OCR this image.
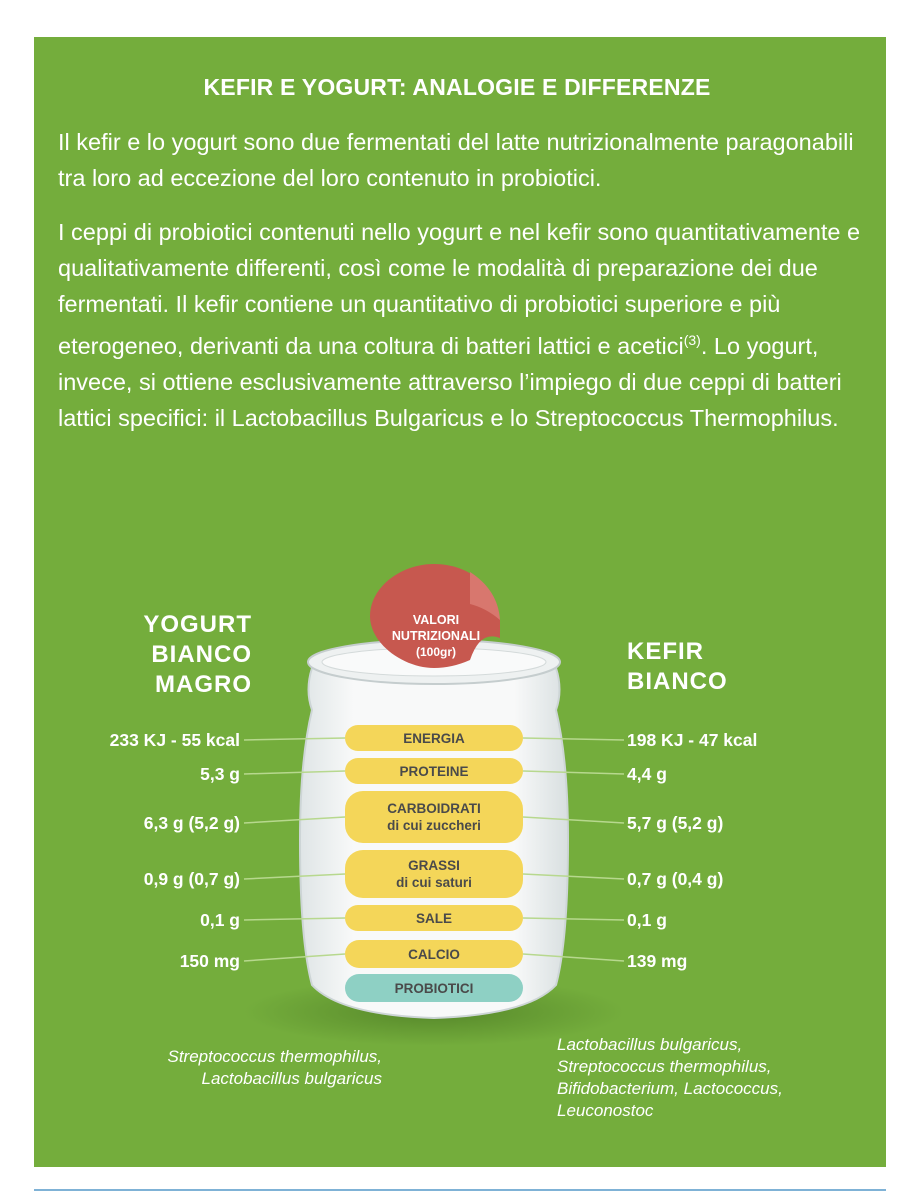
KEFIR E YOGURT: ANALOGIE E DIFFERENZE

Il kefir e lo yogurt sono due fermentati del latte nutrizionalmente paragonabili tra loro ad eccezione del loro contenuto in probiotici.

I ceppi di probiotici contenuti nello yogurt e nel kefir sono quantitativamente e qualitativamente differenti, così come le modalità di preparazione dei due fermentati. Il kefir contiene un quantitativo di probiotici superiore e più eterogeneo, derivanti da una coltura di batteri lattici e acetici$^{(3)}$. Lo yogurt, invece, si ottiene esclusivamente attraverso l’impiego di due ceppi di batteri lattici specifici: il Lactobacillus Bulgaricus e lo Streptococcus Thermophilus.

VALORI
NUTRIZIONALI
(100gr)
YOGURT
BIANCO
MAGRO
KEFIR
BIANCO
ENERGIA
PROTEINE
CARBOIDRATI
di cui zuccheri
GRASSI
di cui saturi
SALE
CALCIO
PROBIOTICI
233 KJ - 55 kcal
5,3 g
6,3 g (5,2 g)
0,9 g (0,7 g)
0,1 g
150 mg
198 KJ - 47 kcal
4,4 g
5,7 g (5,2 g)
0,7 g (0,4 g)
0,1 g
139 mg
Streptococcus thermophilus,
Lactobacillus bulgaricus
Lactobacillus bulgaricus,
Streptococcus thermophilus,
Bifidobacterium, Lactococcus,
Leuconostoc
